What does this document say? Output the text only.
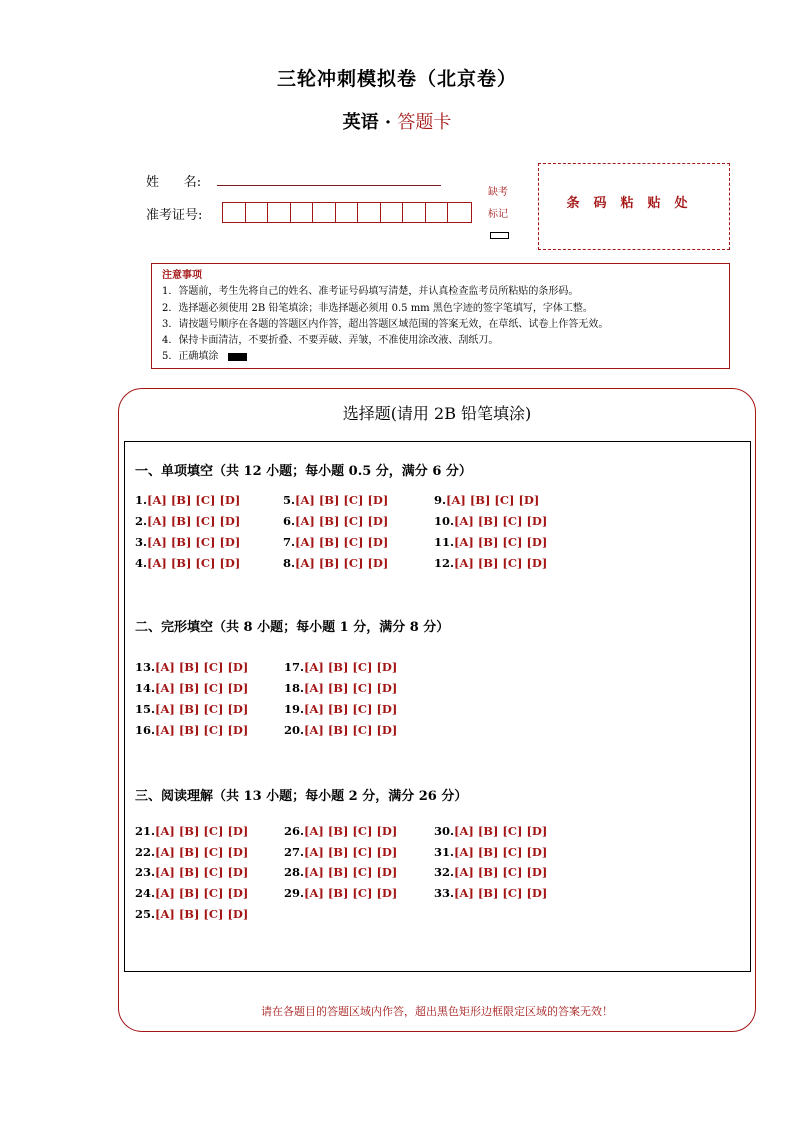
三轮冲刺模拟卷（北京卷）
英语 · 答题卡
姓      名:
准考证号:
缺考
标记
条码粘贴处
注意事项
1．答题前，考生先将自己的姓名、准考证号码填写清楚，并认真检查监考员所粘贴的条形码。
2．选择题必须使用 2B 铅笔填涂；非选择题必须用 0.5 mm 黑色字迹的签字笔填写，字体工整。
3．请按题号顺序在各题的答题区内作答，超出答题区域范围的答案无效，在草纸、试卷上作答无效。
4．保持卡面清洁，不要折叠、不要弄破、弄皱，不准使用涂改液、刮纸刀。
5．正确填涂
选择题(请用 2B 铅笔填涂)
一、单项填空（共 12 小题；每小题 0.5 分，满分 6 分）
二、完形填空（共 8 小题；每小题 1 分，满分 8 分）
三、阅读理解（共 13 小题；每小题 2 分，满分 26 分）
1.[A] [B] [C] [D]
2.[A] [B] [C] [D]
3.[A] [B] [C] [D]
4.[A] [B] [C] [D]
5.[A] [B] [C] [D]
6.[A] [B] [C] [D]
7.[A] [B] [C] [D]
8.[A] [B] [C] [D]
9.[A] [B] [C] [D]
10.[A] [B] [C] [D]
11.[A] [B] [C] [D]
12.[A] [B] [C] [D]
13.[A] [B] [C] [D]
14.[A] [B] [C] [D]
15.[A] [B] [C] [D]
16.[A] [B] [C] [D]
17.[A] [B] [C] [D]
18.[A] [B] [C] [D]
19.[A] [B] [C] [D]
20.[A] [B] [C] [D]
21.[A] [B] [C] [D]
22.[A] [B] [C] [D]
23.[A] [B] [C] [D]
24.[A] [B] [C] [D]
25.[A] [B] [C] [D]
26.[A] [B] [C] [D]
27.[A] [B] [C] [D]
28.[A] [B] [C] [D]
29.[A] [B] [C] [D]
30.[A] [B] [C] [D]
31.[A] [B] [C] [D]
32.[A] [B] [C] [D]
33.[A] [B] [C] [D]
请在各题目的答题区域内作答，超出黑色矩形边框限定区域的答案无效！
